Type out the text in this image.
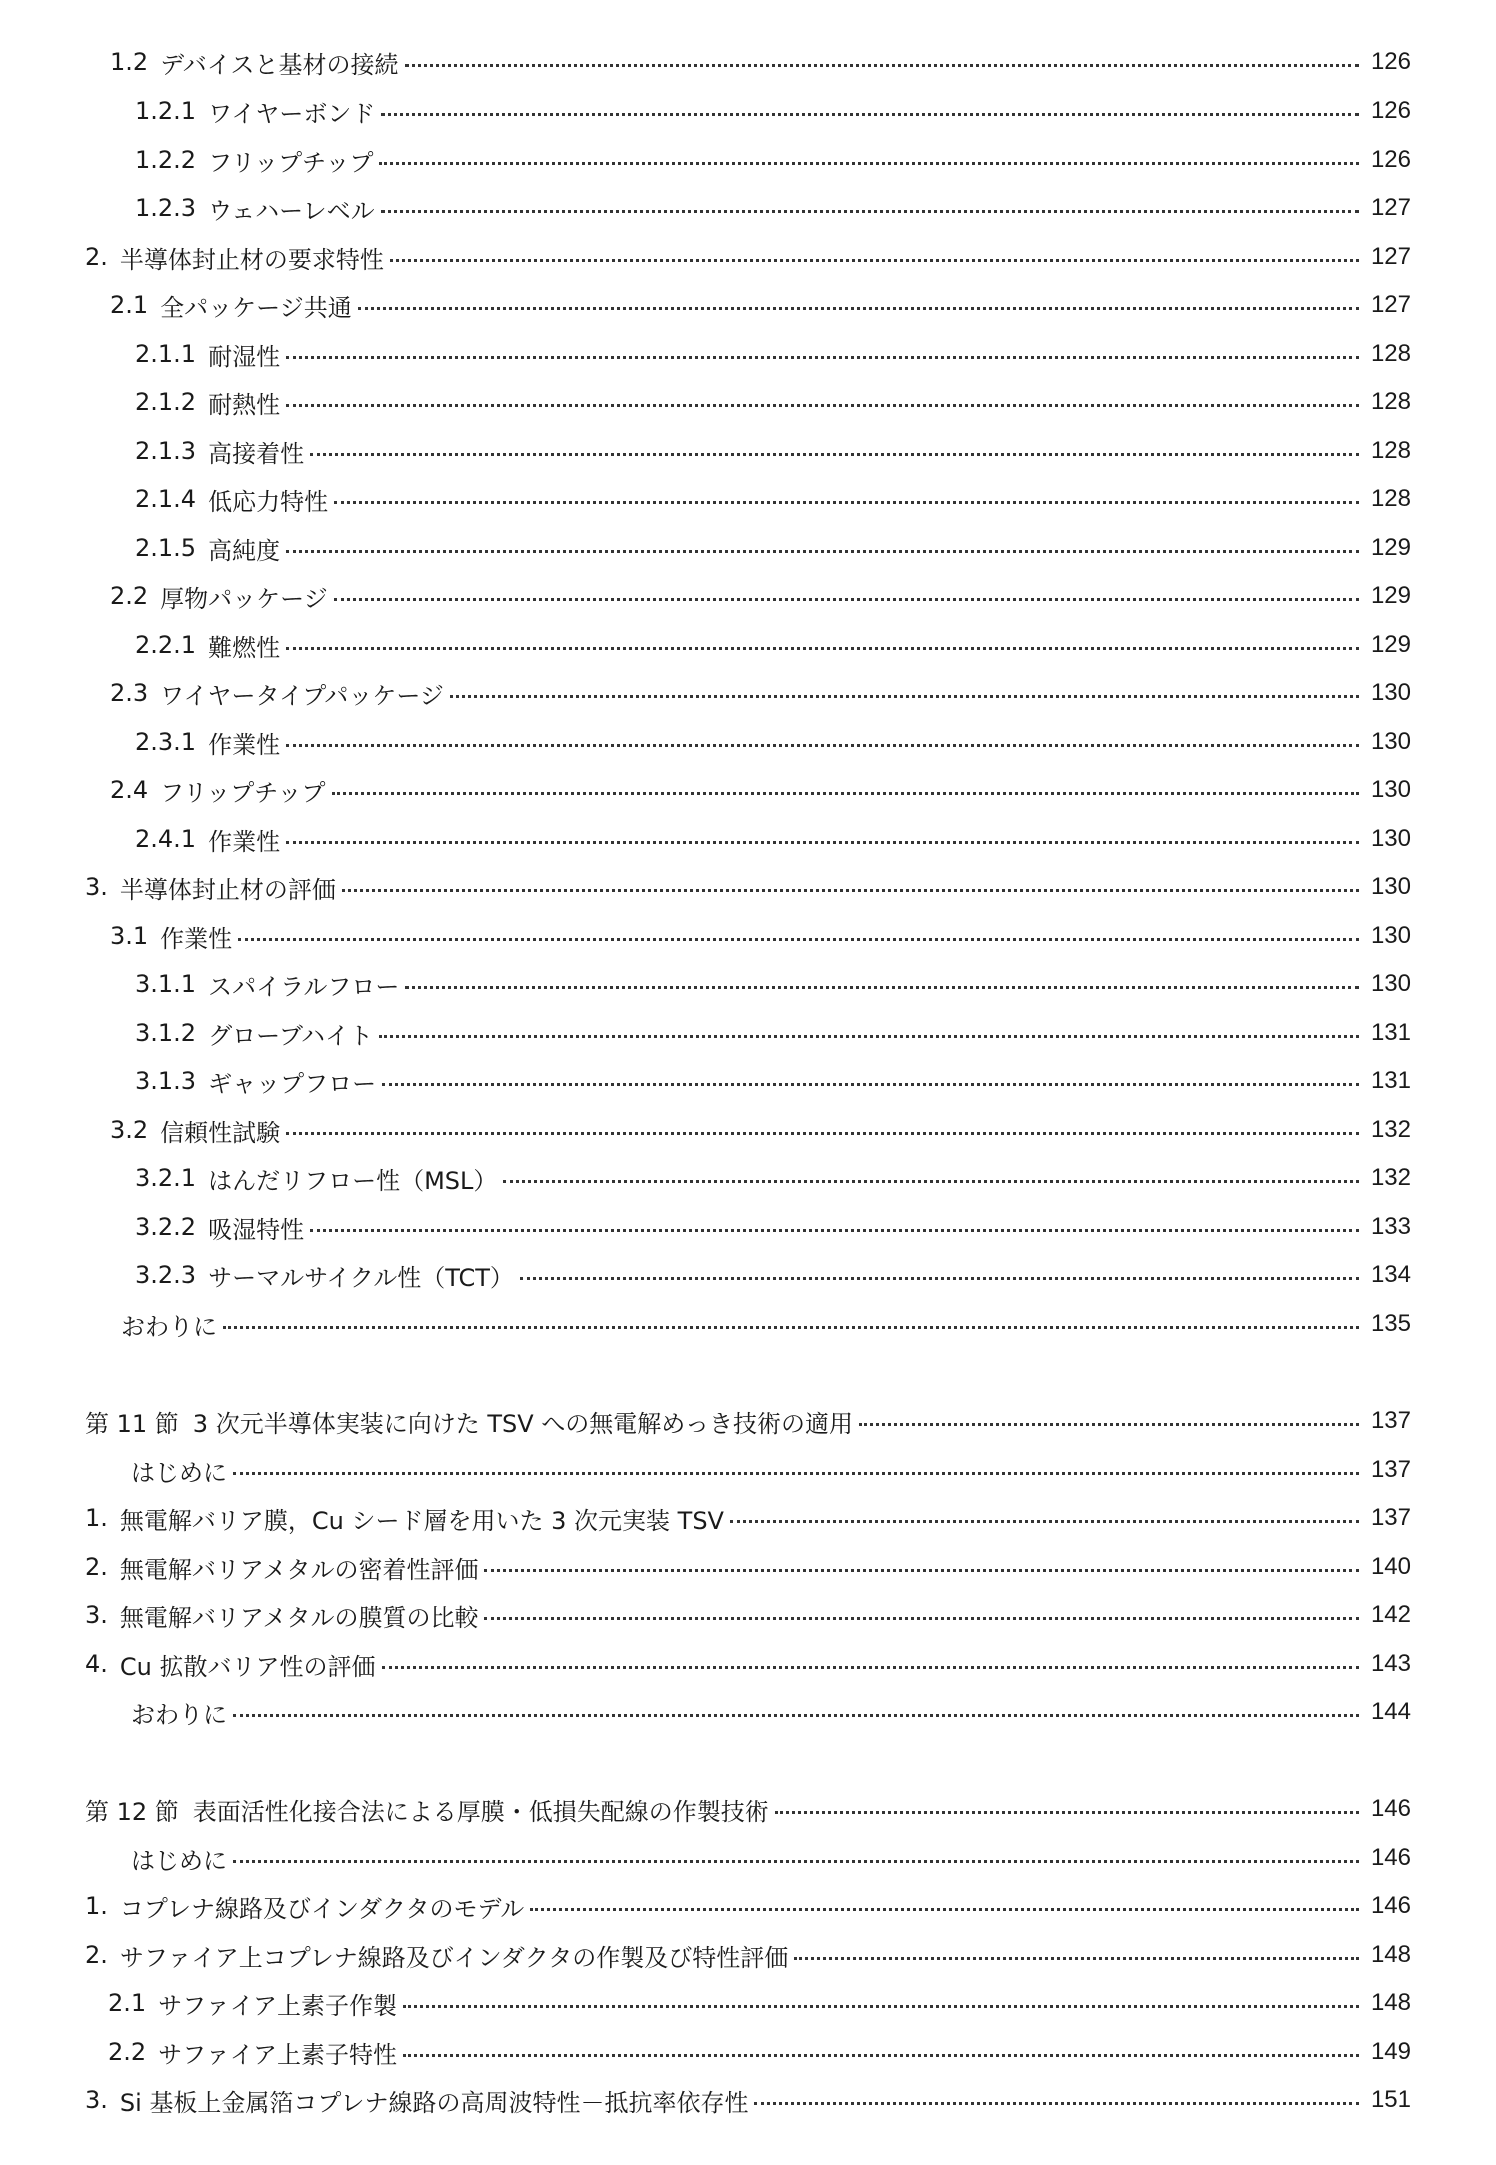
1.2 デバイスと基材の接続	126
1.2.1 ワイヤーボンド	126
1.2.2 フリップチップ	126
1.2.3 ウェハーレベル	127
2. 半導体封止材の要求特性	127
2.1 全パッケージ共通	127
2.1.1 耐湿性	128
2.1.2 耐熱性	128
2.1.3 高接着性	128
2.1.4 低応力特性	128
2.1.5 高純度	129
2.2 厚物パッケージ	129
2.2.1 難燃性	129
2.3 ワイヤータイプパッケージ	130
2.3.1 作業性	130
2.4 フリップチップ	130
2.4.1 作業性	130
3. 半導体封止材の評価	130
3.1 作業性	130
3.1.1 スパイラルフロー	130
3.1.2 グローブハイト	131
3.1.3 ギャップフロー	131
3.2 信頼性試験	132
3.2.1 はんだリフロー性（MSL）	132
3.2.2 吸湿特性	133
3.2.3 サーマルサイクル性（TCT）	134
おわりに	135
第 11 節 3 次元半導体実装に向けた TSV への無電解めっき技術の適用	137
はじめに	137
1. 無電解バリア膜，Cu シード層を用いた 3 次元実装 TSV	137
2. 無電解バリアメタルの密着性評価	140
3. 無電解バリアメタルの膜質の比較	142
4. Cu 拡散バリア性の評価	143
おわりに	144
第 12 節 表面活性化接合法による厚膜・低損失配線の作製技術	146
はじめに	146
1. コプレナ線路及びインダクタのモデル	146
2. サファイア上コプレナ線路及びインダクタの作製及び特性評価	148
2.1 サファイア上素子作製	148
2.2 サファイア上素子特性	149
3. Si 基板上金属箔コプレナ線路の高周波特性－抵抗率依存性	151
